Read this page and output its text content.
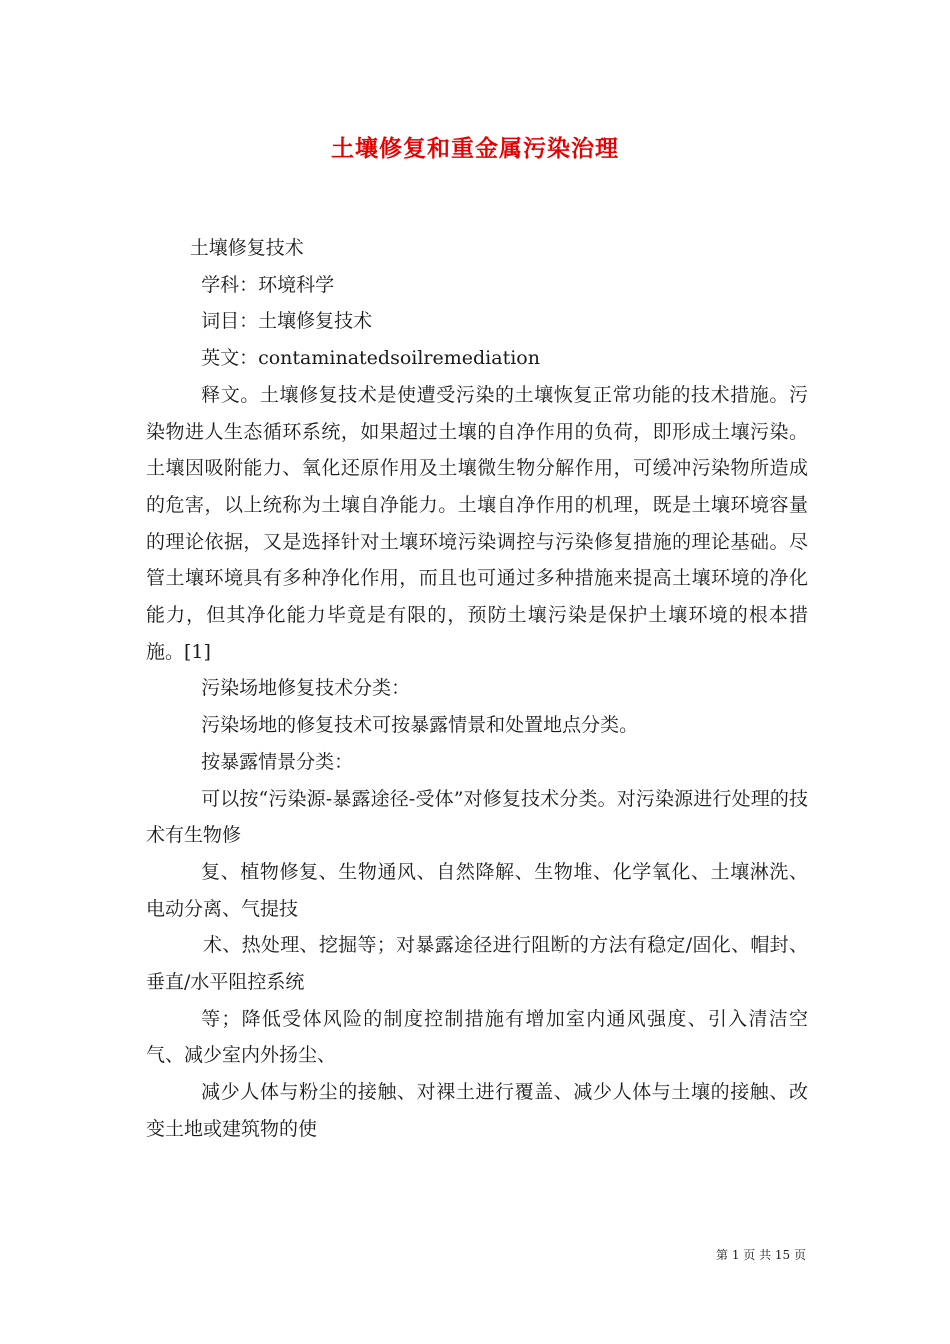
土壤修复和重金属污染治理

土壤修复技术

学科：环境科学

词目：土壤修复技术

英文：contaminatedsoilremediation

释文。土壤修复技术是使遭受污染的土壤恢复正常功能的技术措施。污染物进人生态循环系统，如果超过土壤的自净作用的负荷，即形成土壤污染。土壤因吸附能力、氧化还原作用及土壤微生物分解作用，可缓冲污染物所造成的危害，以上统称为土壤自净能力。土壤自净作用的机理，既是土壤环境容量的理论依据，又是选择针对土壤环境污染调控与污染修复措施的理论基础。尽管土壤环境具有多种净化作用，而且也可通过多种措施来提高土壤环境的净化能力，但其净化能力毕竟是有限的，预防土壤污染是保护土壤环境的根本措施。[1]

污染场地修复技术分类：

污染场地的修复技术可按暴露情景和处置地点分类。

按暴露情景分类：

可以按“污染源-暴露途径-受体”对修复技术分类。对污染源进行处理的技术有生物修

复、植物修复、生物通风、自然降解、生物堆、化学氧化、土壤淋洗、电动分离、气提技

术、热处理、挖掘等；对暴露途径进行阻断的方法有稳定/固化、帽封、垂直/水平阻控系统

等；降低受体风险的制度控制措施有增加室内通风强度、引入清洁空气、减少室内外扬尘、

减少人体与粉尘的接触、对裸土进行覆盖、减少人体与土壤的接触、改变土地或建筑物的使

第 1 页 共 15 页
